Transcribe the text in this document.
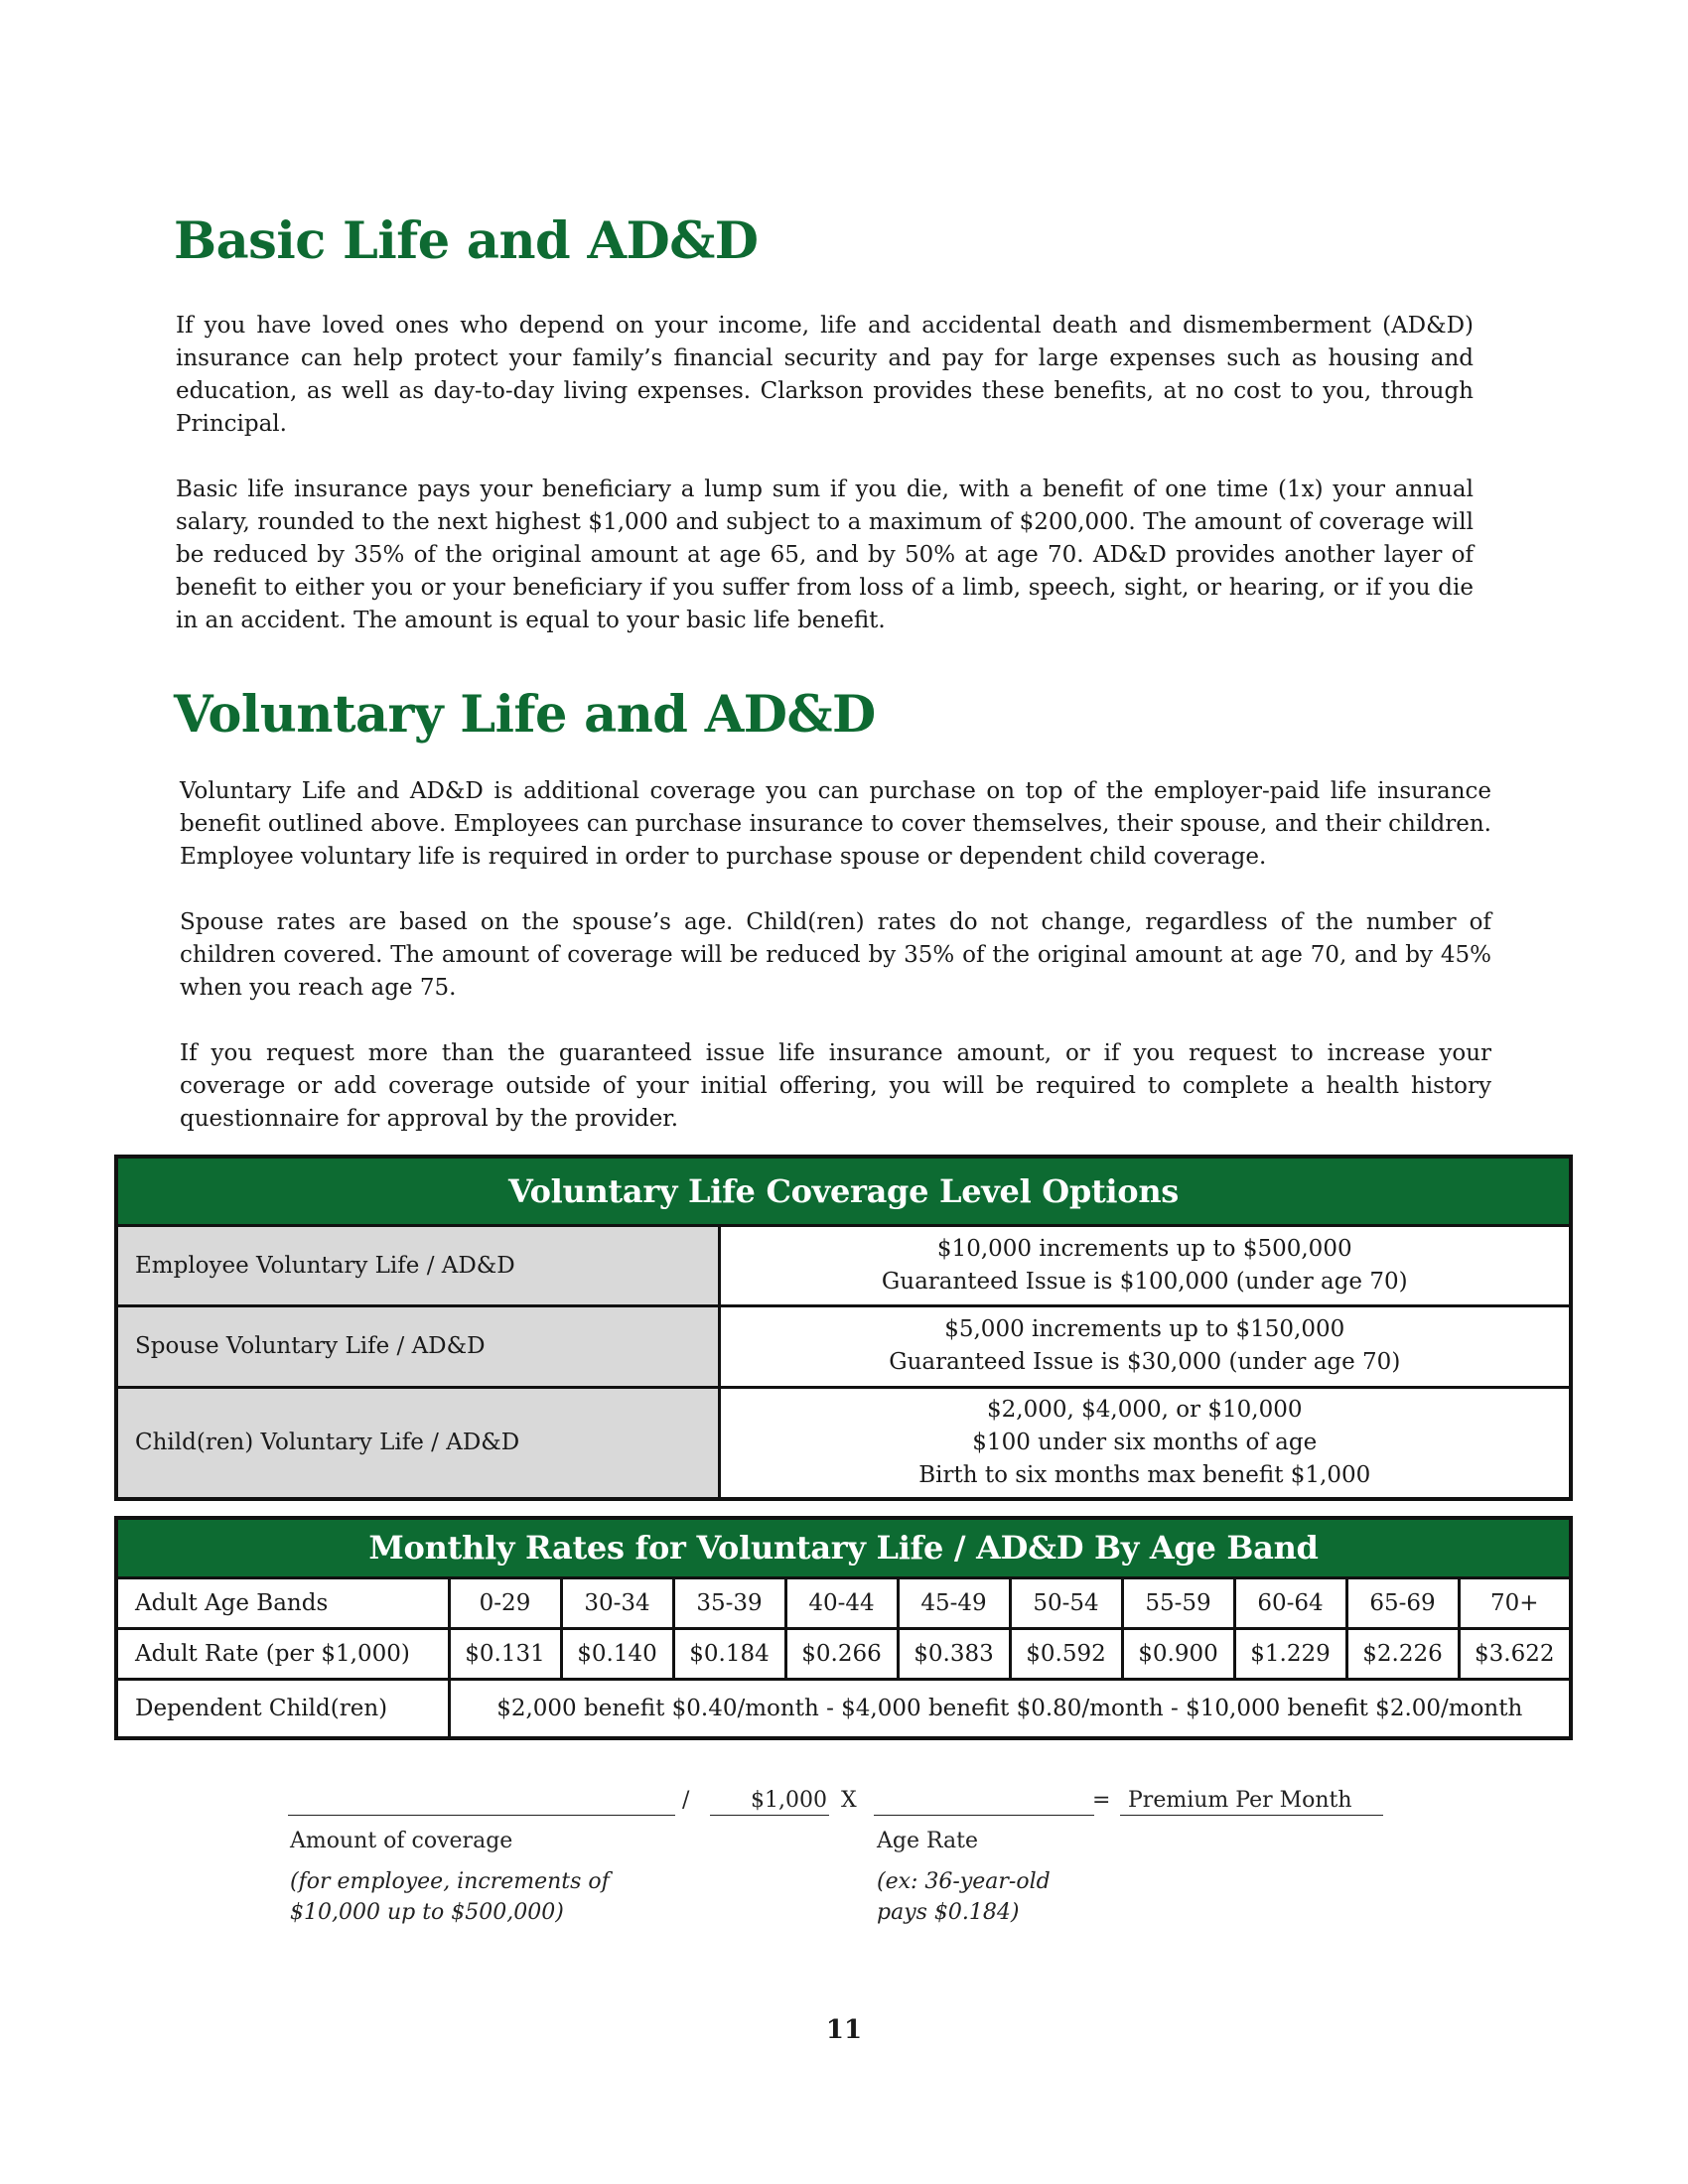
Basic Life and AD&D

If you have loved ones who depend on your income, life and accidental death and dismemberment (AD&D) insurance can help protect your family’s financial security and pay for large expenses such as housing and education, as well as day-to-day living expenses. Clarkson provides these benefits, at no cost to you, through Principal.

Basic life insurance pays your beneficiary a lump sum if you die, with a benefit of one time (1x) your annual salary, rounded to the next highest $1,000 and subject to a maximum of $200,000. The amount of coverage will be reduced by 35% of the original amount at age 65, and by 50% at age 70. AD&D provides another layer of benefit to either you or your beneficiary if you suffer from loss of a limb, speech, sight, or hearing, or if you die in an accident. The amount is equal to your basic life benefit.

Voluntary Life and AD&D

Voluntary Life and AD&D is additional coverage you can purchase on top of the employer-paid life insurance benefit outlined above. Employees can purchase insurance to cover themselves, their spouse, and their children. Employee voluntary life is required in order to purchase spouse or dependent child coverage.

Spouse rates are based on the spouse’s age. Child(ren) rates do not change, regardless of the number of children covered. The amount of coverage will be reduced by 35% of the original amount at age 70, and by 45% when you reach age 75.

If you request more than the guaranteed issue life insurance amount, or if you request to increase your coverage or add coverage outside of your initial offering, you will be required to complete a health history questionnaire for approval by the provider.

Voluntary Life Coverage Level Options	
Employee Voluntary Life / AD&D	$10,000 increments up to $500,000
Guaranteed Issue is $100,000 (under age 70)

Spouse Voluntary Life / AD&D	$5,000 increments up to $150,000
Guaranteed Issue is $30,000 (under age 70)

Child(ren) Voluntary Life / AD&D	$2,000, $4,000, or $10,000
$100 under six months of age
Birth to six months max benefit $1,000
Monthly Rates for Voluntary Life / AD&D By Age Band										
Adult Age Bands	0-29	30-34	35-39	40-44	45-49	50-54	55-59	60-64	65-69	70+
Adult Rate (per $1,000)	$0.131	$0.140	$0.184	$0.266	$0.383	$0.592	$0.900	$1.229	$2.226	$3.622
Dependent Child(ren)	$2,000 benefit $0.40/month - $4,000 benefit $0.80/month - $10,000 benefit $2.00/month									
/	$1,000 X	= Premium Per Month
Amount of coverage
(for employee, increments of
$10,000 up to $500,000)
Age Rate
(ex: 36-year-old
pays $0.184)
11
